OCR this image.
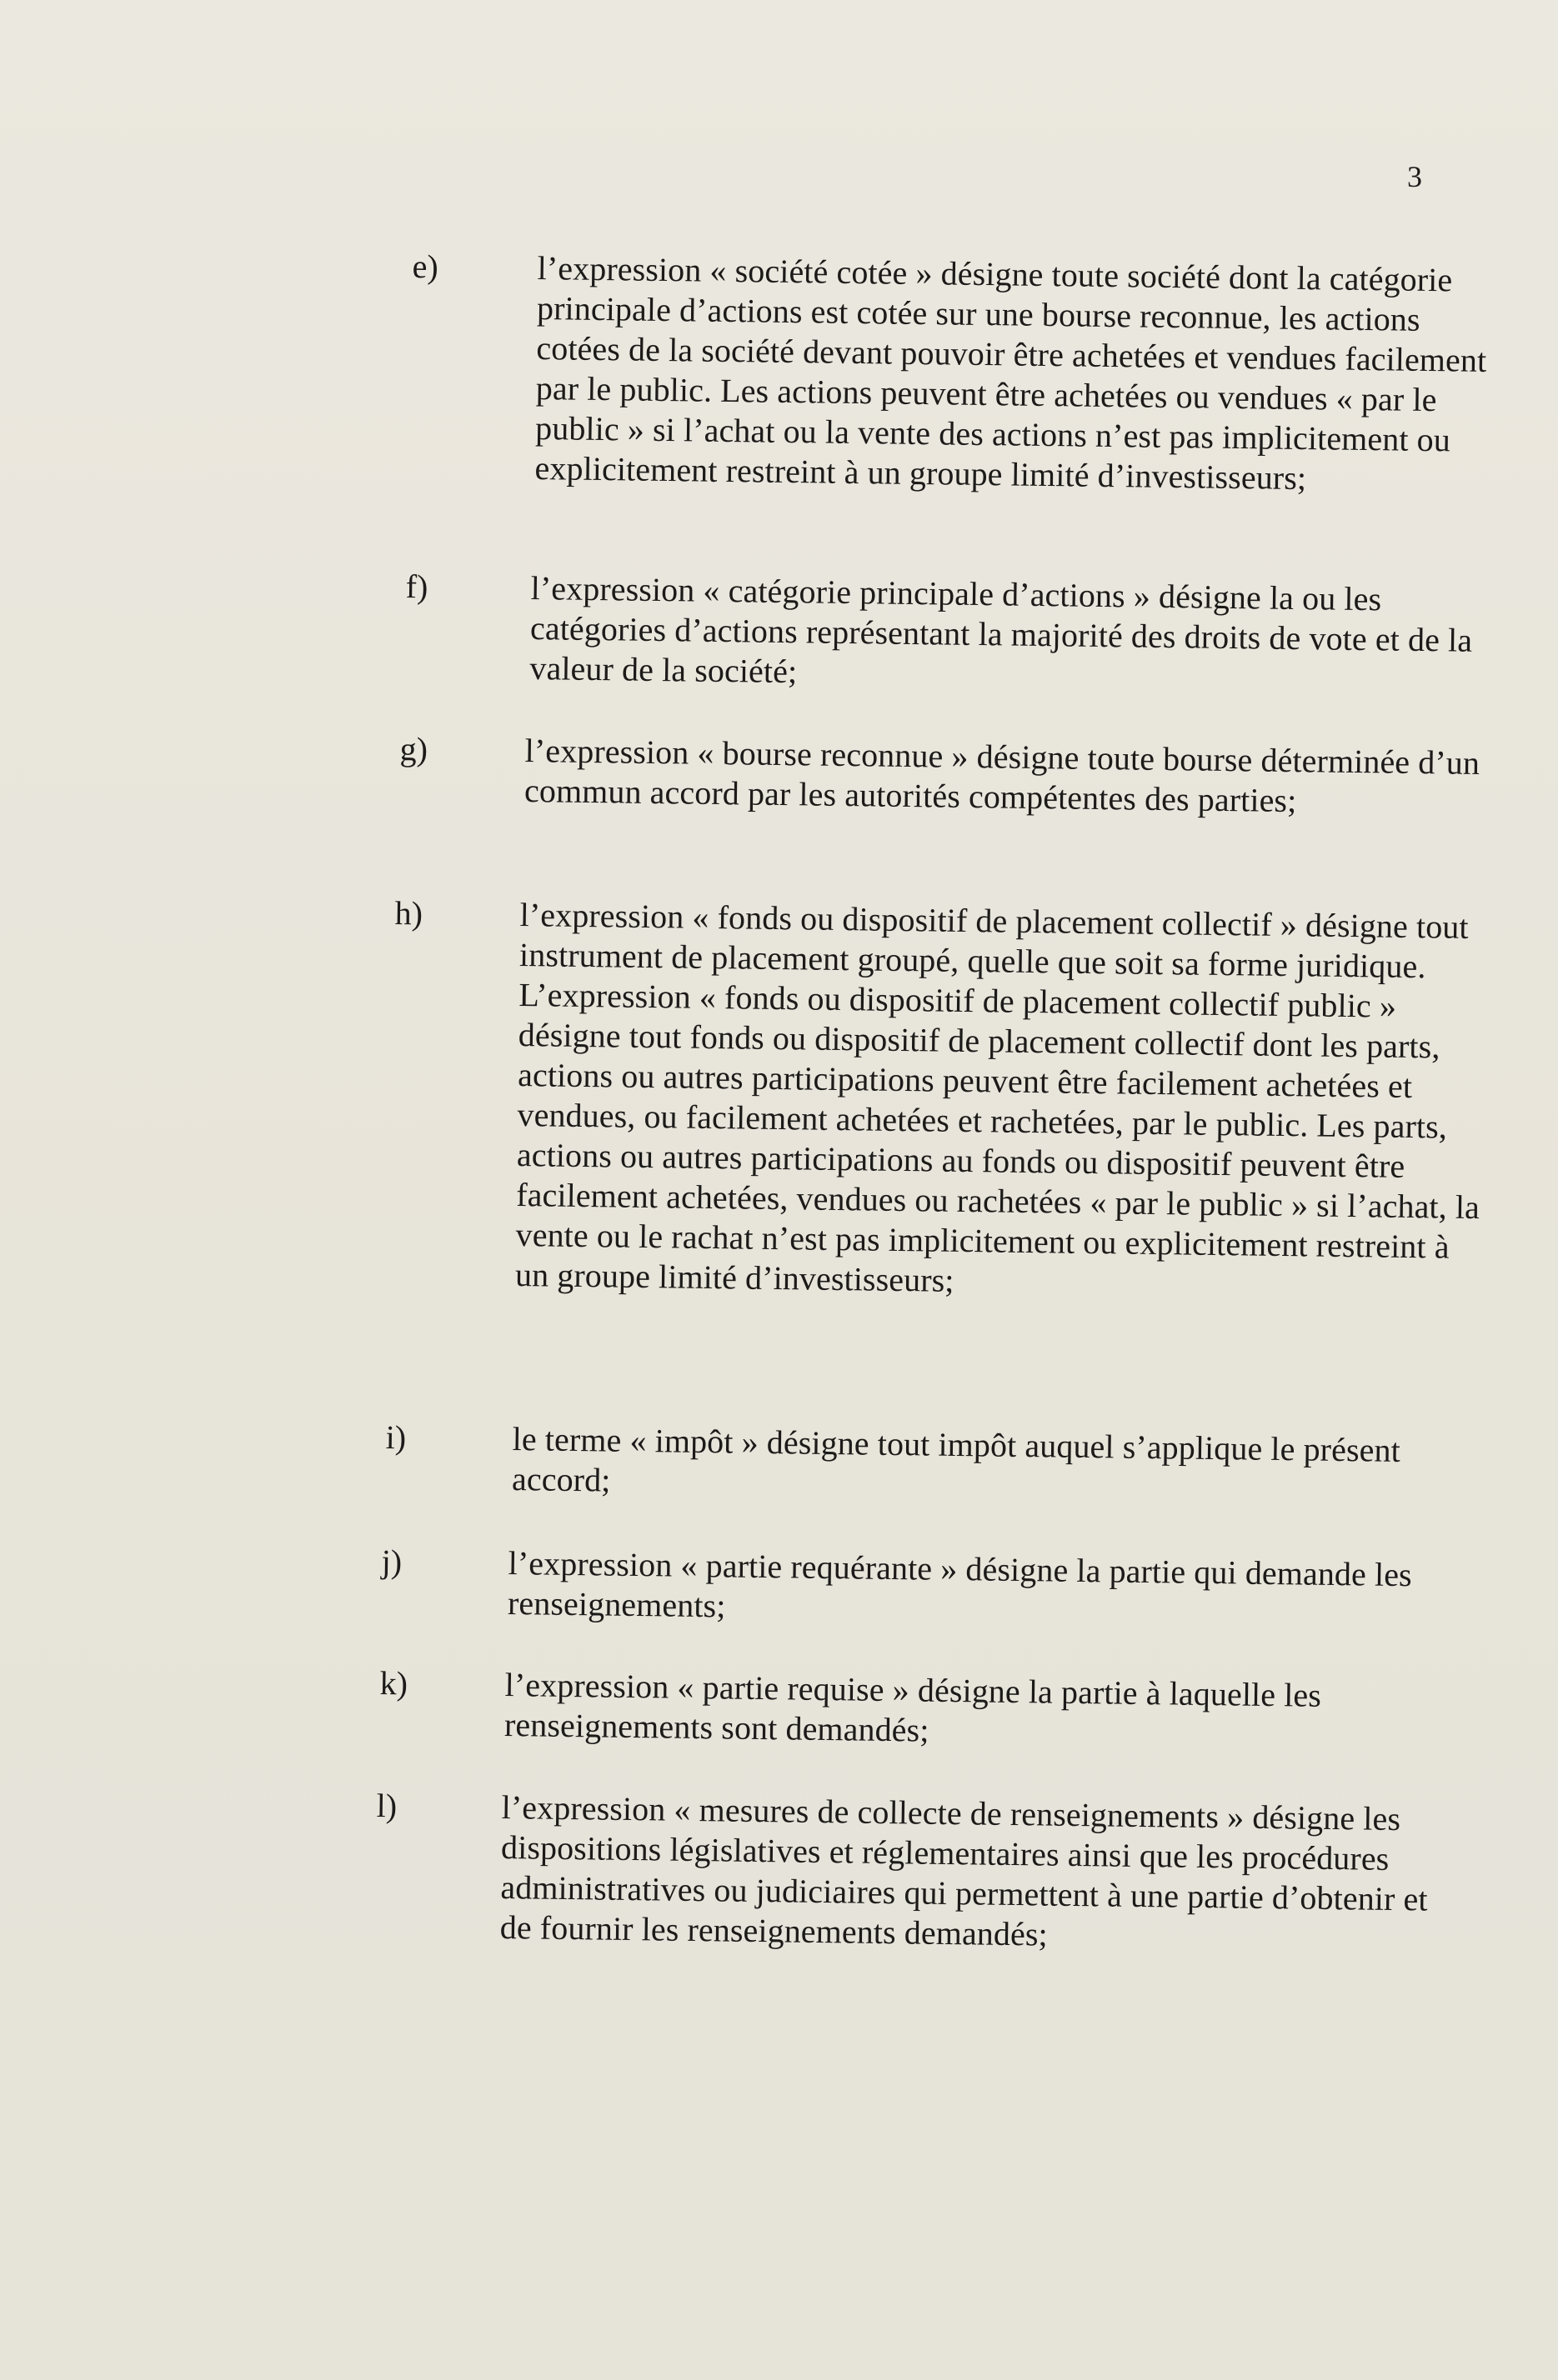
3
e)	l’expression « société cotée » désigne toute société dont la catégorie principale d’actions est cotée sur une bourse reconnue, les actions cotées de la société devant pouvoir être achetées et vendues facilement par le public. Les actions peuvent être achetées ou vendues « par le public » si l’achat ou la vente des actions n’est pas implicitement ou explicitement restreint à un groupe limité d’investisseurs;

f)	l’expression « catégorie principale d’actions » désigne la ou les catégories d’actions représentant la majorité des droits de vote et de la valeur de la société;

g)	l’expression « bourse reconnue » désigne toute bourse déterminée d’un commun accord par les autorités compétentes des parties;

h)	l’expression « fonds ou dispositif de placement collectif » désigne tout instrument de placement groupé, quelle que soit sa forme juridique. L’expression « fonds ou dispositif de placement collectif public » désigne tout fonds ou dispositif de placement collectif dont les parts, actions ou autres participations peuvent être facilement achetées et vendues, ou facilement achetées et rachetées, par le public. Les parts, actions ou autres participations au fonds ou dispositif peuvent être facilement achetées, vendues ou rachetées « par le public » si l’achat, la vente ou le rachat n’est pas implicitement ou explicitement restreint à un groupe limité d’investisseurs;

i)	le terme « impôt » désigne tout impôt auquel s’applique le présent accord;

j)	l’expression « partie requérante » désigne la partie qui demande les renseignements;

k)	l’expression « partie requise » désigne la partie à laquelle les renseignements sont demandés;

l)	l’expression « mesures de collecte de renseignements » désigne les dispositions législatives et réglementaires ainsi que les procédures administratives ou judiciaires qui permettent à une partie d’obtenir et de fournir les renseignements demandés;
